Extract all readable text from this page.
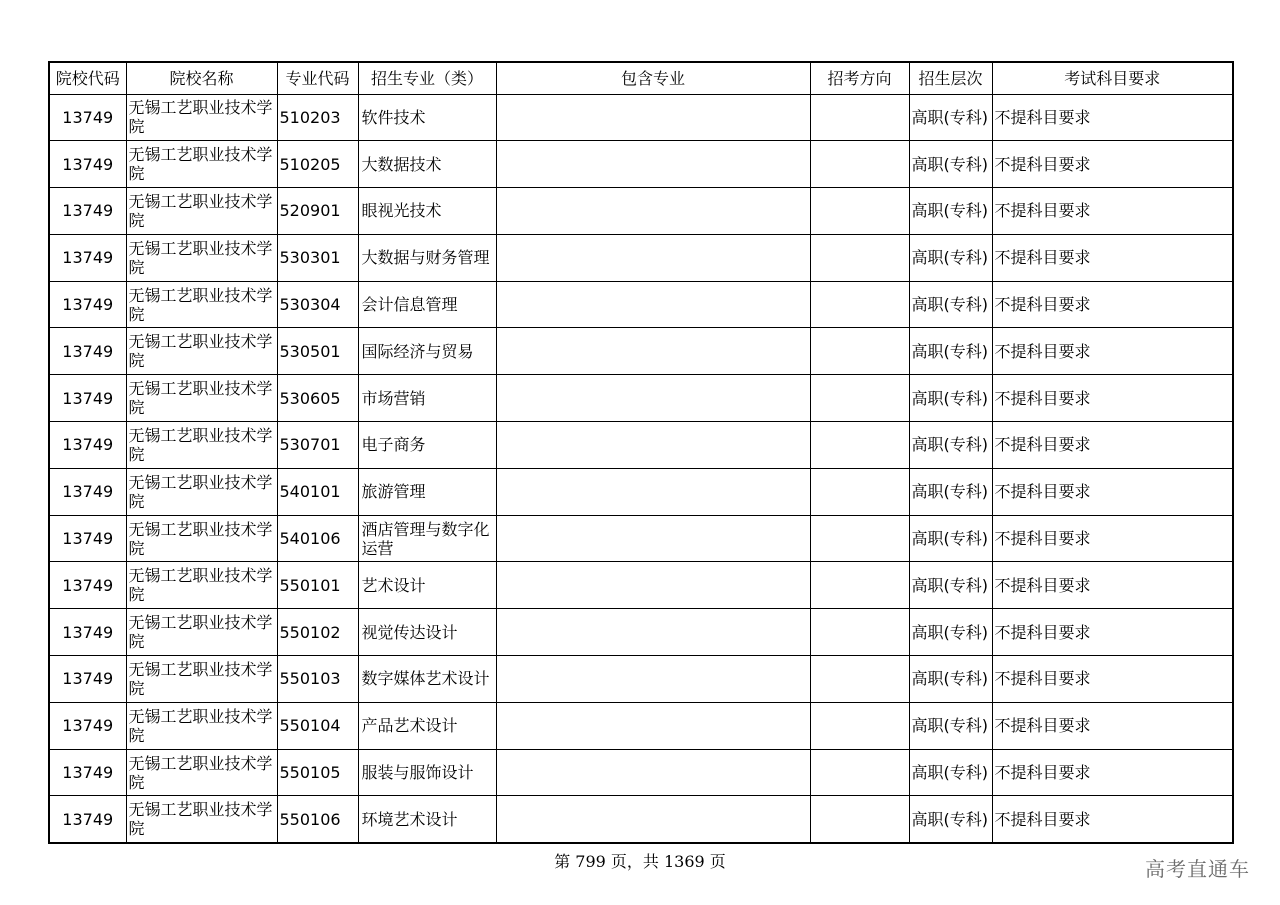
院校代码	院校名称	专业代码	招生专业（类）	包含专业	招考方向	招生层次	考试科目要求
13749	无锡工艺职业技术学院	510203	软件技术			高职(专科)	不提科目要求
13749	无锡工艺职业技术学院	510205	大数据技术			高职(专科)	不提科目要求
13749	无锡工艺职业技术学院	520901	眼视光技术			高职(专科)	不提科目要求
13749	无锡工艺职业技术学院	530301	大数据与财务管理			高职(专科)	不提科目要求
13749	无锡工艺职业技术学院	530304	会计信息管理			高职(专科)	不提科目要求
13749	无锡工艺职业技术学院	530501	国际经济与贸易			高职(专科)	不提科目要求
13749	无锡工艺职业技术学院	530605	市场营销			高职(专科)	不提科目要求
13749	无锡工艺职业技术学院	530701	电子商务			高职(专科)	不提科目要求
13749	无锡工艺职业技术学院	540101	旅游管理			高职(专科)	不提科目要求
13749	无锡工艺职业技术学院	540106	酒店管理与数字化运营			高职(专科)	不提科目要求
13749	无锡工艺职业技术学院	550101	艺术设计			高职(专科)	不提科目要求
13749	无锡工艺职业技术学院	550102	视觉传达设计			高职(专科)	不提科目要求
13749	无锡工艺职业技术学院	550103	数字媒体艺术设计			高职(专科)	不提科目要求
13749	无锡工艺职业技术学院	550104	产品艺术设计			高职(专科)	不提科目要求
13749	无锡工艺职业技术学院	550105	服装与服饰设计			高职(专科)	不提科目要求
13749	无锡工艺职业技术学院	550106	环境艺术设计			高职(专科)	不提科目要求
第 799 页，共 1369 页	高考直通车
